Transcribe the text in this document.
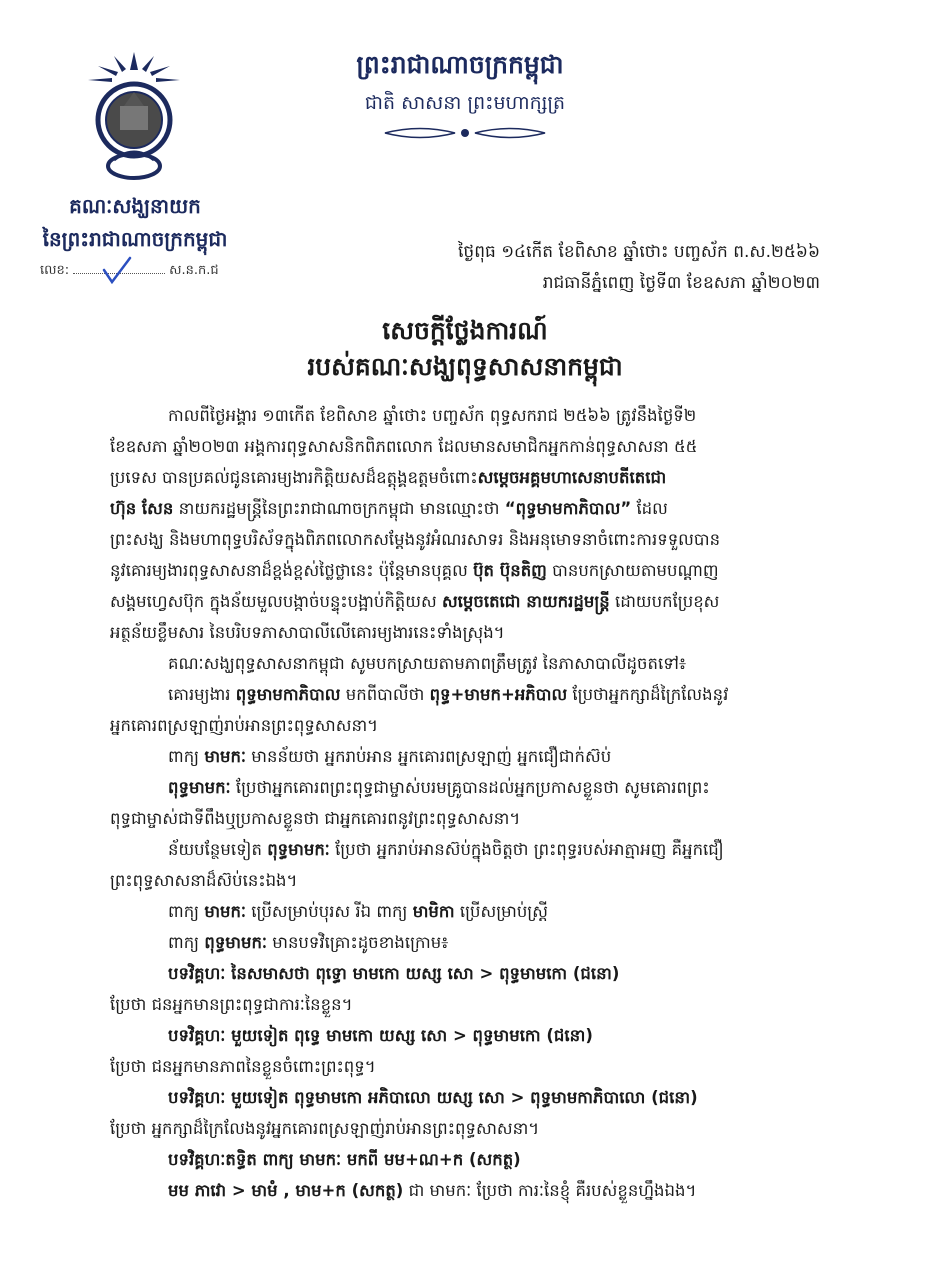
គណៈសង្ឃនាយក
នៃព្រះរាជាណាចក្រកម្ពុជា
លេខ:	ស.ន.ក.ជ
ព្រះរាជាណាចក្រកម្ពុជា
ជាតិ សាសនា ព្រះមហាក្សត្រ
ថ្ងៃពុធ ១៤កើត ខែពិសាខ ឆ្នាំថោះ បញ្ចស័ក ព.ស.២៥៦៦
រាជធានីភ្នំពេញ ថ្ងៃទី៣ ខែឧសភា ឆ្នាំ២០២៣
សេចក្ដីថ្លែងការណ៍
របស់គណៈសង្ឃពុទ្ធសាសនាកម្ពុជា
កាលពីថ្ងៃអង្គារ ១៣កើត ខែពិសាខ ឆ្នាំថោះ បញ្ចស័ក ពុទ្ធសករាជ ២៥៦៦ ត្រូវនឹងថ្ងៃទី២
ខែឧសភា ឆ្នាំ២០២៣ អង្គការពុទ្ធសាសនិកពិភពលោក ដែលមានសមាជិកអ្នកកាន់ពុទ្ធសាសនា ៥៥
ប្រទេស បានប្រគល់ជូនគោរម្យងារកិត្តិយសដ៏ឧត្តុង្គឧត្តមចំពោះសម្តេចអគ្គមហាសេនាបតីតេជោ
ហ៊ុន សែន នាយករដ្ឋមន្ត្រីនៃព្រះរាជាណាចក្រកម្ពុជា មានឈ្មោះថា “ពុទ្ធមាមកាភិបាល” ដែល
ព្រះសង្ឃ និងមហាពុទ្ធបរិស័ទក្នុងពិភពលោកសម្តែងនូវអំណរសាទរ និងអនុមោទនាចំពោះការទទួលបាន
នូវគោរម្យងារពុទ្ធសាសនាដ៏ខ្ពង់ខ្ពស់ថ្លៃថ្លានេះ ប៉ុន្តែមានបុគ្គល ប៊ុត ប៊ុនតិញ បានបកស្រាយតាមបណ្តាញ
សង្គមហ្វេសប៊ុក ក្នុងន័យមួលបង្កាច់បន្ទុះបង្អាប់កិត្តិយស សម្តេចតេជោ នាយករដ្ឋមន្ត្រី ដោយបកប្រែខុស
អត្ថន័យខ្លឹមសារ នៃបរិបទភាសាបាលីលើគោរម្យងារនេះទាំងស្រុង។
គណៈសង្ឃពុទ្ធសាសនាកម្ពុជា សូមបកស្រាយតាមភាពត្រឹមត្រូវ នៃភាសាបាលីដូចតទៅ៖
គោរម្យងារ ពុទ្ធមាមកាភិបាល មកពីបាលីថា ពុទ្ធ+មាមក+អភិបាល ប្រែថាអ្នកក្សាដ៏ក្រៃលែងនូវ
អ្នកគោរពស្រឡាញ់រាប់អានព្រះពុទ្ធសាសនា។
ពាក្យ មាមកៈ មានន័យថា អ្នករាប់អាន អ្នកគោរពស្រឡាញ់ អ្នកជឿជាក់ស៊ប់
ពុទ្ធមាមកៈ ប្រែថាអ្នកគោរពព្រះពុទ្ធជាម្ចាស់បរមគ្រូបានដល់អ្នកប្រកាសខ្លួនថា សូមគោរពព្រះ
ពុទ្ធជាម្ចាស់ជាទីពឹងឬប្រកាសខ្លួនថា ជាអ្នកគោរពនូវព្រះពុទ្ធសាសនា។
ន័យបន្ថែមទៀត ពុទ្ធមាមកៈ ប្រែថា អ្នករាប់អានស៊ប់ក្នុងចិត្តថា ព្រះពុទ្ធរបស់អាត្មាអញ គឺអ្នកជឿ
ព្រះពុទ្ធសាសនាដ៏ស៊ប់នេះឯង។
ពាក្យ មាមកៈ ប្រើសម្រាប់បុរស រីឯ ពាក្យ មាមិកា ប្រើសម្រាប់ស្ត្រី
ពាក្យ ពុទ្ធមាមកៈ មានបទវិគ្រោះដូចខាងក្រោម៖
បទវិគ្គហៈ នៃសមាសថា ពុទ្ធោ មាមកោ យស្ស សោ > ពុទ្ធមាមកោ (ជនោ)
ប្រែថា ជនអ្នកមានព្រះពុទ្ធជាការៈនៃខ្លួន។
បទវិគ្គហៈ មួយទៀត ពុទ្ធេ មាមកោ យស្ស សោ > ពុទ្ធមាមកោ (ជនោ)
ប្រែថា ជនអ្នកមានភាពនៃខ្លួនចំពោះព្រះពុទ្ធ។
បទវិគ្គហៈ មួយទៀត ពុទ្ធមាមកោ អភិបាលោ យស្ស សោ > ពុទ្ធមាមកាភិបាលោ (ជនោ)
ប្រែថា អ្នកក្សាដ៏ក្រៃលែងនូវអ្នកគោរពស្រឡាញ់រាប់អានព្រះពុទ្ធសាសនា។
បទវិគ្គហៈតទ្ធិត ពាក្យ មាមកៈ មកពី មម+ណ+ក (សកត្ថ)
មម ភាវោ > មាមំ , មាម+ក (សកត្ថ) ជា មាមកៈ ប្រែថា ការៈនៃខ្ញុំ គឺរបស់ខ្លួនហ្នឹងឯង។
